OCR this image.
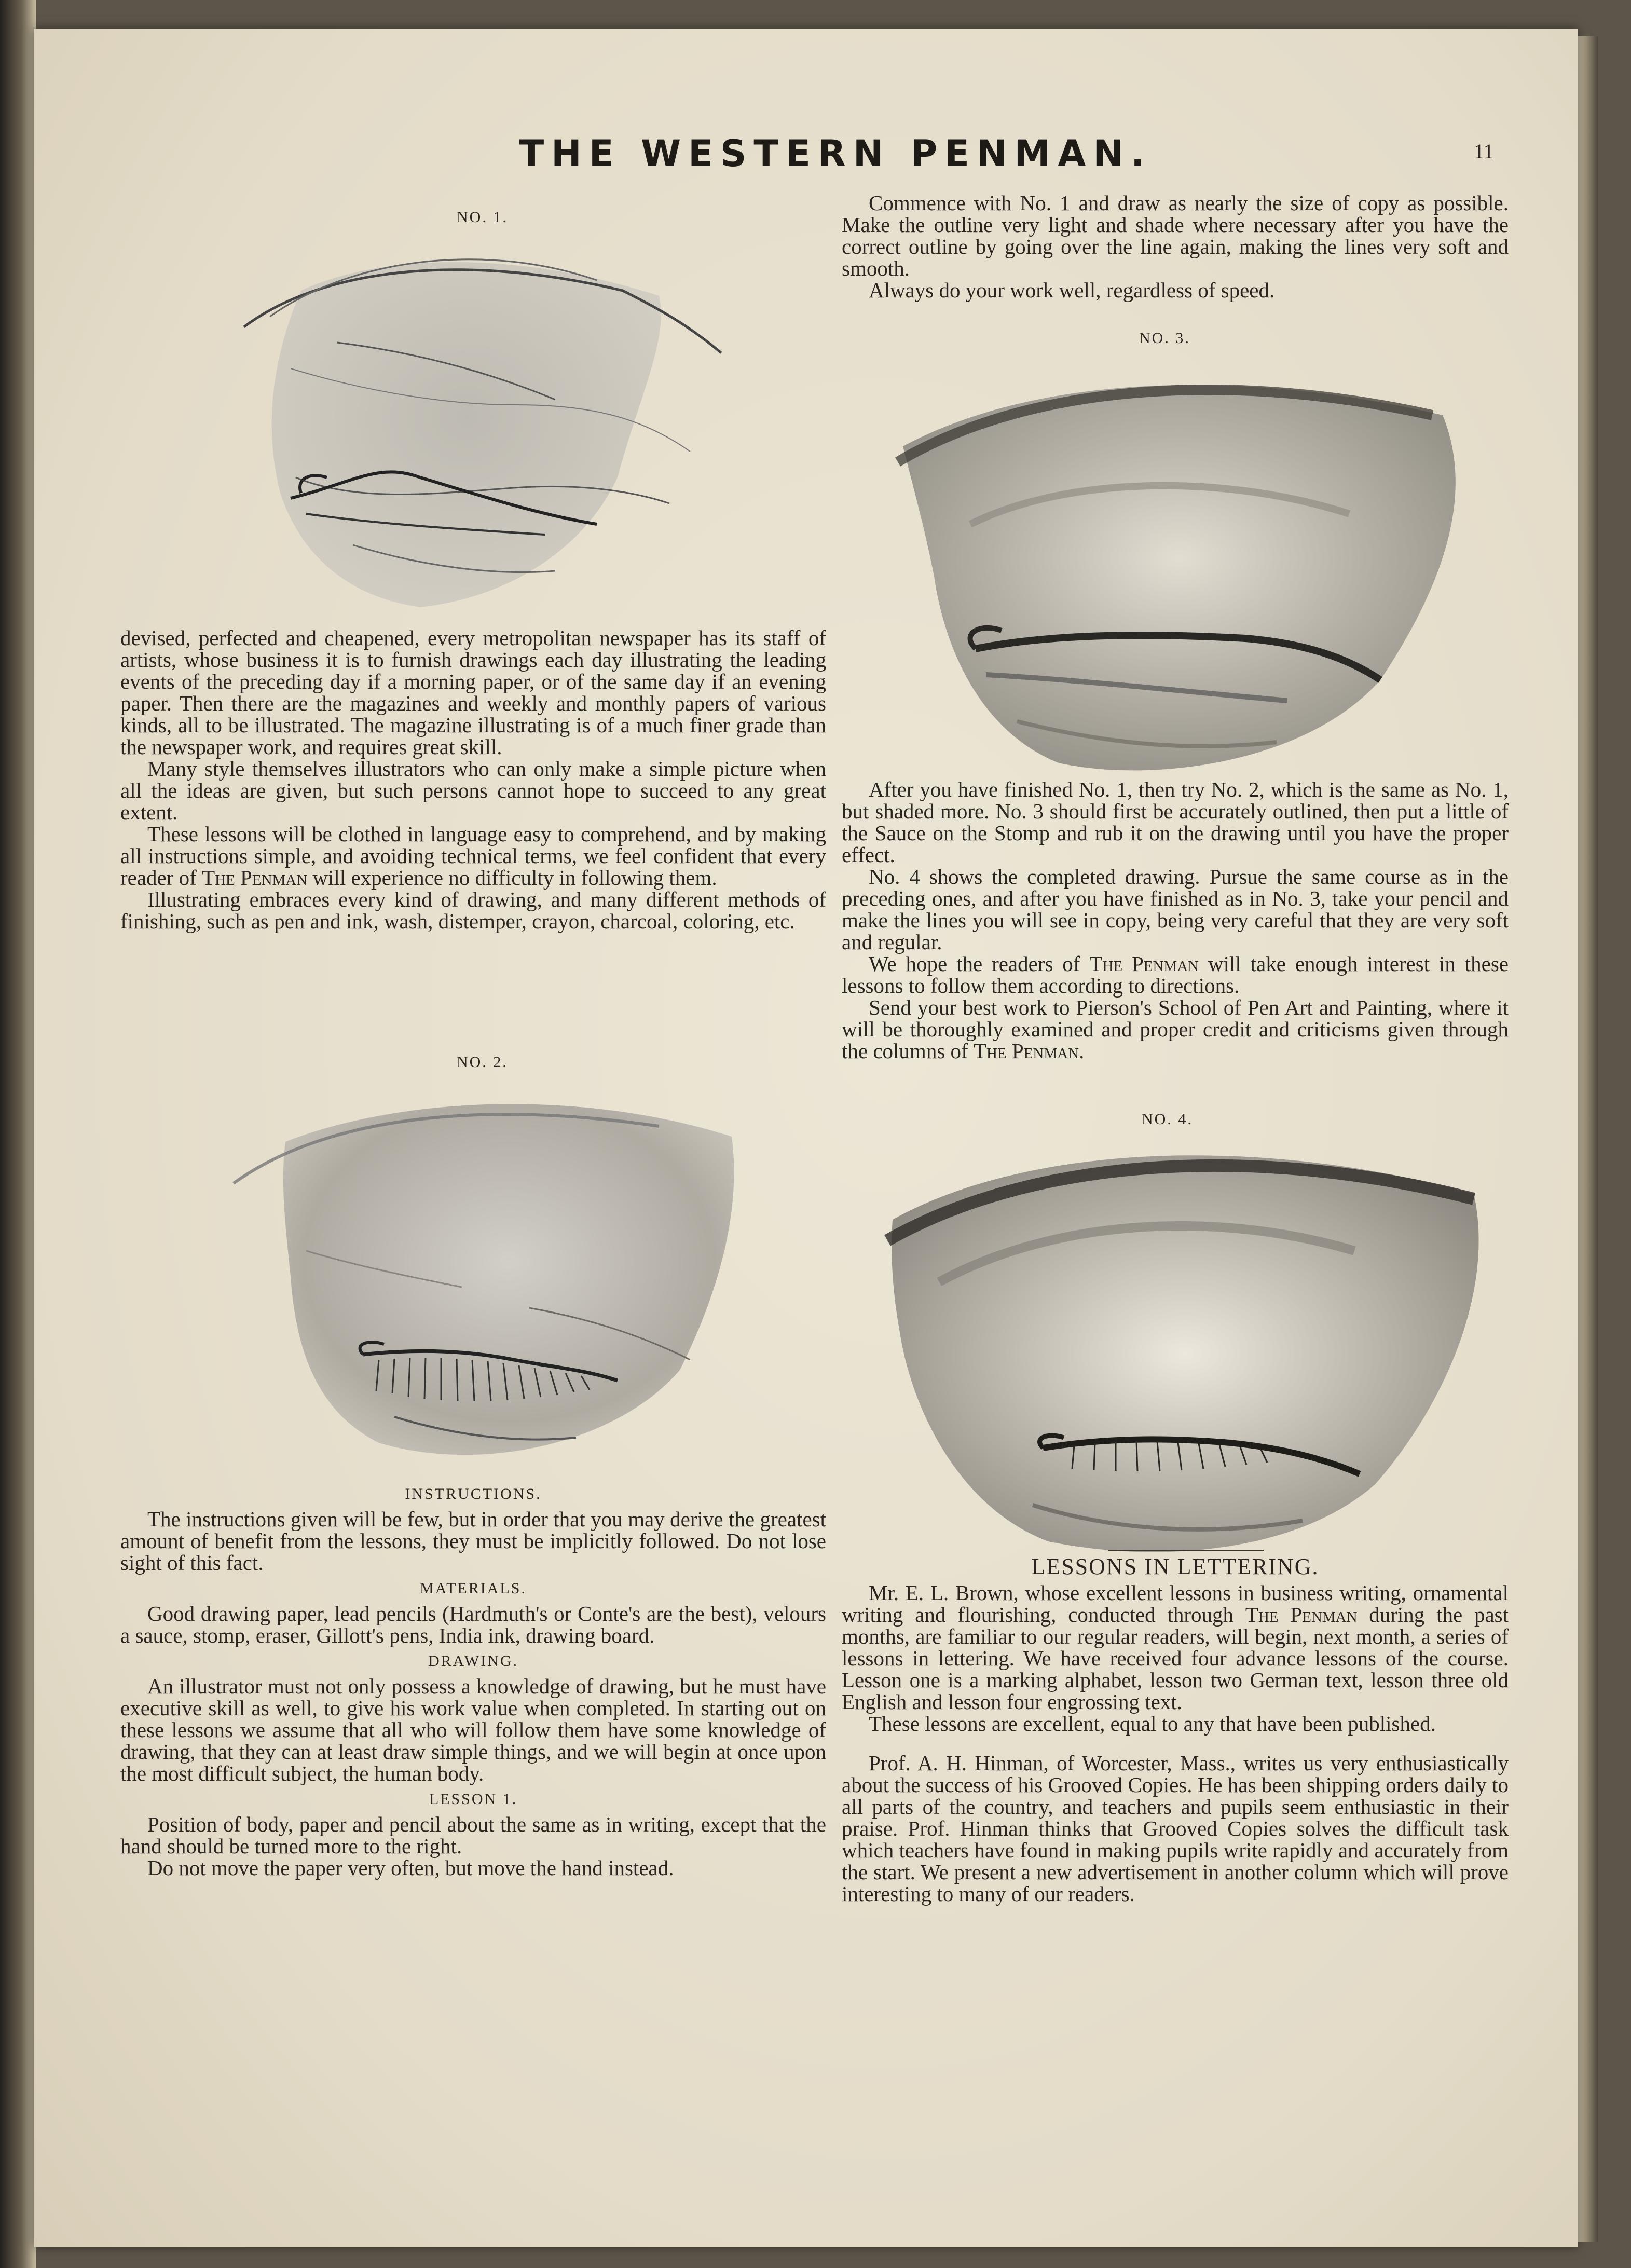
THE WESTERN PENMAN.	11
NO. 1.
NO. 2.
NO. 3.
NO. 4.

devised, perfected and cheapened, every metropolitan newspaper has its staff of artists, whose business it is to furnish drawings each day illustrating the leading events of the preceding day if a morning paper, or of the same day if an evening paper. Then there are the magazines and weekly and monthly papers of various kinds, all to be illustrated. The magazine illustrating is of a much finer grade than the newspaper work, and requires great skill.

Many style themselves illustrators who can only make a simple picture when all the ideas are given, but such persons cannot hope to succeed to any great extent.

These lessons will be clothed in language easy to comprehend, and by making all instructions simple, and avoiding technical terms, we feel confident that every reader of The Penman will experience no difficulty in following them.

Illustrating embraces every kind of drawing, and many different methods of finishing, such as pen and ink, wash, distemper, crayon, charcoal, coloring, etc.

INSTRUCTIONS.

The instructions given will be few, but in order that you may derive the greatest amount of benefit from the lessons, they must be implicitly followed. Do not lose sight of this fact.

MATERIALS.

Good drawing paper, lead pencils (Hardmuth's or Conte's are the best), velours a sauce, stomp, eraser, Gillott's pens, India ink, drawing board.

DRAWING.

An illustrator must not only possess a knowledge of drawing, but he must have executive skill as well, to give his work value when completed. In starting out on these lessons we assume that all who will follow them have some knowledge of drawing, that they can at least draw simple things, and we will begin at once upon the most difficult subject, the human body.

LESSON 1.

Position of body, paper and pencil about the same as in writing, except that the hand should be turned more to the right.

Do not move the paper very often, but move the hand instead.

Commence with No. 1 and draw as nearly the size of copy as possible. Make the outline very light and shade where necessary after you have the correct outline by going over the line again, making the lines very soft and smooth.

Always do your work well, regardless of speed.

After you have finished No. 1, then try No. 2, which is the same as No. 1, but shaded more. No. 3 should first be accurately outlined, then put a little of the Sauce on the Stomp and rub it on the drawing until you have the proper effect.

No. 4 shows the completed drawing. Pursue the same course as in the preceding ones, and after you have finished as in No. 3, take your pencil and make the lines you will see in copy, being very careful that they are very soft and regular.

We hope the readers of The Penman will take enough interest in these lessons to follow them according to directions.

Send your best work to Pierson's School of Pen Art and Painting, where it will be thoroughly examined and proper credit and criticisms given through the columns of The Penman.

LESSONS IN LETTERING.

Mr. E. L. Brown, whose excellent lessons in business writing, ornamental writing and flourishing, conducted through The Penman during the past months, are familiar to our regular readers, will begin, next month, a series of lessons in lettering. We have received four advance lessons of the course. Lesson one is a marking alphabet, lesson two German text, lesson three old English and lesson four engrossing text.

These lessons are excellent, equal to any that have been published.

Prof. A. H. Hinman, of Worcester, Mass., writes us very enthusiastically about the success of his Grooved Copies. He has been shipping orders daily to all parts of the country, and teachers and pupils seem enthusiastic in their praise. Prof. Hinman thinks that Grooved Copies solves the difficult task which teachers have found in making pupils write rapidly and accurately from the start. We present a new advertisement in another column which will prove interesting to many of our readers.
